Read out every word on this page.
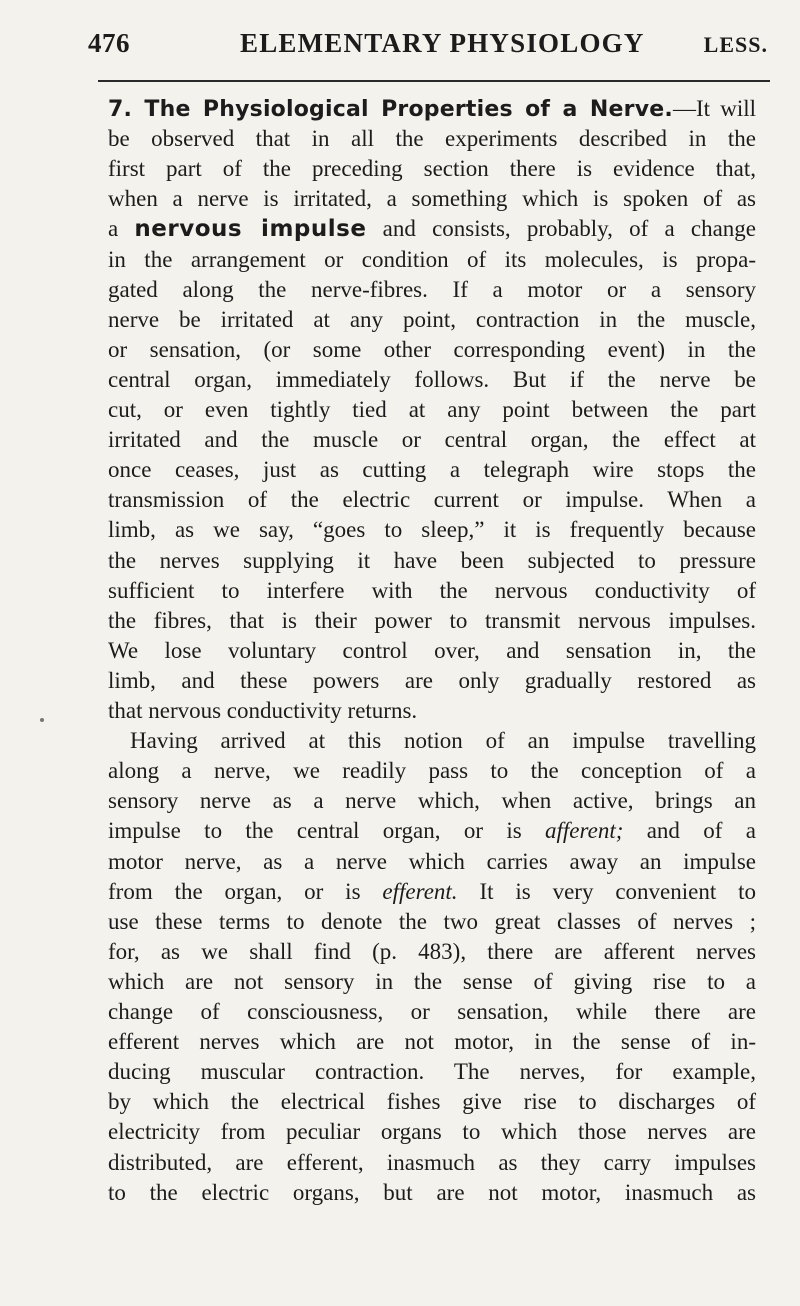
476	ELEMENTARY PHYSIOLOGY	LESS.
7. The Physiological Properties of a Nerve.—It will
be observed that in all the experiments described in the
first part of the preceding section there is evidence that,
when a nerve is irritated, a something which is spoken of as
a nervous impulse and consists, probably, of a change
in the arrangement or condition of its molecules, is propa-
gated along the nerve-fibres. If a motor or a sensory
nerve be irritated at any point, contraction in the muscle,
or sensation, (or some other corresponding event) in the
central organ, immediately follows. But if the nerve be
cut, or even tightly tied at any point between the part
irritated and the muscle or central organ, the effect at
once ceases, just as cutting a telegraph wire stops the
transmission of the electric current or impulse. When a
limb, as we say, “goes to sleep,” it is frequently because
the nerves supplying it have been subjected to pressure
sufficient to interfere with the nervous conductivity of
the fibres, that is their power to transmit nervous impulses.
We lose voluntary control over, and sensation in, the
limb, and these powers are only gradually restored as
that nervous conductivity returns.
Having arrived at this notion of an impulse travelling
along a nerve, we readily pass to the conception of a
sensory nerve as a nerve which, when active, brings an
impulse to the central organ, or is afferent; and of a
motor nerve, as a nerve which carries away an impulse
from the organ, or is efferent. It is very convenient to
use these terms to denote the two great classes of nerves ;
for, as we shall find (p. 483), there are afferent nerves
which are not sensory in the sense of giving rise to a
change of consciousness, or sensation, while there are
efferent nerves which are not motor, in the sense of in-
ducing muscular contraction. The nerves, for example,
by which the electrical fishes give rise to discharges of
electricity from peculiar organs to which those nerves are
distributed, are efferent, inasmuch as they carry impulses
to the electric organs, but are not motor, inasmuch as
